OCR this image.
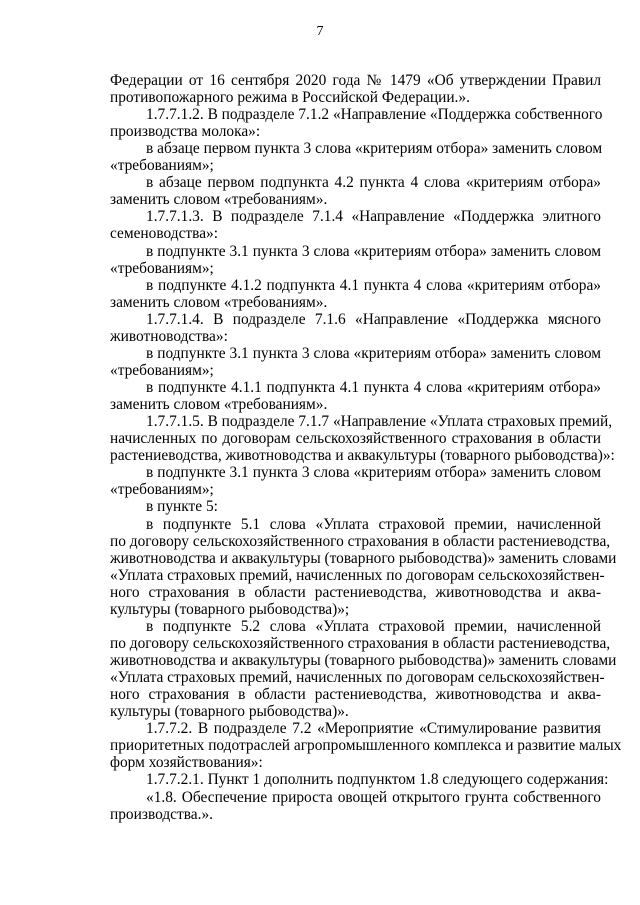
7
Федерации от 16 сентября 2020 года № 1479 «Об утверждении Правил
противопожарного режима в Российской Федерации.».
1.7.7.1.2. В подразделе 7.1.2 «Направление «Поддержка собственного
производства молока»:
в абзаце первом пункта 3 слова «критериям отбора» заменить словом
«требованиям»;
в абзаце первом подпункта 4.2 пункта 4 слова «критериям отбора»
заменить словом «требованиям».
1.7.7.1.3. В подразделе 7.1.4 «Направление «Поддержка элитного
семеноводства»:
в подпункте 3.1 пункта 3 слова «критериям отбора» заменить словом
«требованиям»;
в подпункте 4.1.2 подпункта 4.1 пункта 4 слова «критериям отбора»
заменить словом «требованиям».
1.7.7.1.4. В подразделе 7.1.6 «Направление «Поддержка мясного
животноводства»:
в подпункте 3.1 пункта 3 слова «критериям отбора» заменить словом
«требованиям»;
в подпункте 4.1.1 подпункта 4.1 пункта 4 слова «критериям отбора»
заменить словом «требованиям».
1.7.7.1.5. В подразделе 7.1.7 «Направление «Уплата страховых премий,
начисленных по договорам сельскохозяйственного страхования в области
растениеводства, животноводства и аквакультуры (товарного рыбоводства)»:
в подпункте 3.1 пункта 3 слова «критериям отбора» заменить словом
«требованиям»;
в пункте 5:
в подпункте 5.1 слова «Уплата страховой премии, начисленной
по договору сельскохозяйственного страхования в области растениеводства,
животноводства и аквакультуры (товарного рыбоводства)» заменить словами
«Уплата страховых премий, начисленных по договорам сельскохозяйствен-
ного страхования в области растениеводства, животноводства и аква-
культуры (товарного рыбоводства)»;
в подпункте 5.2 слова «Уплата страховой премии, начисленной
по договору сельскохозяйственного страхования в области растениеводства,
животноводства и аквакультуры (товарного рыбоводства)» заменить словами
«Уплата страховых премий, начисленных по договорам сельскохозяйствен-
ного страхования в области растениеводства, животноводства и аква-
культуры (товарного рыбоводства)».
1.7.7.2. В подразделе 7.2 «Мероприятие «Стимулирование развития
приоритетных подотраслей агропромышленного комплекса и развитие малых
форм хозяйствования»:
1.7.7.2.1. Пункт 1 дополнить подпунктом 1.8 следующего содержания:
«1.8. Обеспечение прироста овощей открытого грунта собственного
производства.».
